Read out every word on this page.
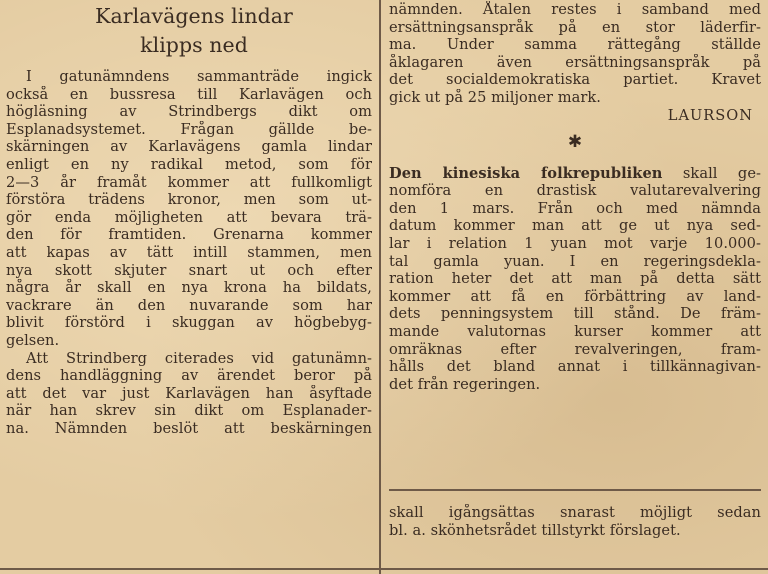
Karlavägens lindar
klipps ned
I gatunämndens sammanträde ingick
också en bussresa till Karlavägen och
högläsning av Strindbergs dikt om
Esplanadsystemet. Frågan gällde be-
skärningen av Karlavägens gamla lindar
enligt en ny radikal metod, som för
2—3 år framåt kommer att fullkomligt
förstöra trädens kronor, men som ut-
gör enda möjligheten att bevara trä-
den för framtiden. Grenarna kommer
att kapas av tätt intill stammen, men
nya skott skjuter snart ut och efter
några år skall en nya krona ha bildats,
vackrare än den nuvarande som har
blivit förstörd i skuggan av högbebyg-
gelsen.
Att Strindberg citerades vid gatunämn-
dens handläggning av ärendet beror på
att det var just Karlavägen han åsyftade
när han skrev sin dikt om Esplanader-
na. Nämnden beslöt att beskärningen
nämnden. Åtalen restes i samband med
ersättningsanspråk på en stor läderfir-
ma. Under samma rättegång ställde
åklagaren även ersättningsanspråk på
det socialdemokratiska partiet. Kravet
gick ut på 25 miljoner mark.
LAURSON
✱
Den kinesiska folkrepubliken skall ge-
nomföra en drastisk valutarevalvering
den 1 mars. Från och med nämnda
datum kommer man att ge ut nya sed-
lar i relation 1 yuan mot varje 10.000-
tal gamla yuan. I en regeringsdekla-
ration heter det att man på detta sätt
kommer att få en förbättring av land-
dets penningsystem till stånd. De främ-
mande valutornas kurser kommer att
omräknas efter revalveringen, fram-
hålls det bland annat i tillkännagivan-
det från regeringen.
skall igångsättas snarast möjligt sedan
bl. a. skönhetsrådet tillstyrkt förslaget.
